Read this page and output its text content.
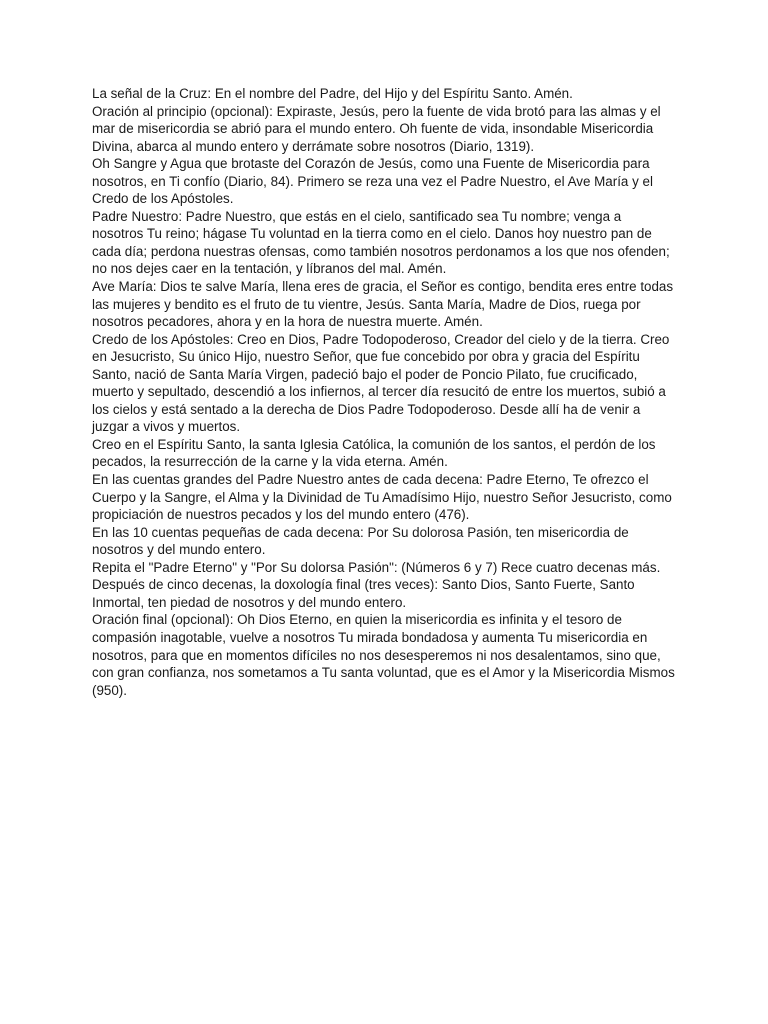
La señal de la Cruz: En el nombre del Padre, del Hijo y del Espíritu Santo. Amén.

Oración al principio (opcional): Expiraste, Jesús, pero la fuente de vida brotó para las almas y el mar de misericordia se abrió para el mundo entero. Oh fuente de vida, insondable Misericordia Divina, abarca al mundo entero y derrámate sobre nosotros (Diario, 1319).

Oh Sangre y Agua que brotaste del Corazón de Jesús, como una Fuente de Misericordia para nosotros, en Ti confío (Diario, 84). Primero se reza una vez el Padre Nuestro, el Ave María y el Credo de los Apóstoles.

Padre Nuestro: Padre Nuestro, que estás en el cielo, santificado sea Tu nombre; venga a nosotros Tu reino; hágase Tu voluntad en la tierra como en el cielo. Danos hoy nuestro pan de cada día; perdona nuestras ofensas, como también nosotros perdonamos a los que nos ofenden; no nos dejes caer en la tentación, y líbranos del mal. Amén.

Ave María: Dios te salve María, llena eres de gracia, el Señor es contigo, bendita eres entre todas las mujeres y bendito es el fruto de tu vientre, Jesús. Santa María, Madre de Dios, ruega por nosotros pecadores, ahora y en la hora de nuestra muerte. Amén.

Credo de los Apóstoles: Creo en Dios, Padre Todopoderoso, Creador del cielo y de la tierra. Creo en Jesucristo, Su único Hijo, nuestro Señor, que fue concebido por obra y gracia del Espíritu Santo, nació de Santa María Virgen, padeció bajo el poder de Poncio Pilato, fue crucificado, muerto y sepultado, descendió a los infiernos, al tercer día resucitó de entre los muertos, subió a los cielos y está sentado a la derecha de Dios Padre Todopoderoso. Desde allí ha de venir a juzgar a vivos y muertos.

Creo en el Espíritu Santo, la santa Iglesia Católica, la comunión de los santos, el perdón de los pecados, la resurrección de la carne y la vida eterna. Amén.

En las cuentas grandes del Padre Nuestro antes de cada decena: Padre Eterno, Te ofrezco el Cuerpo y la Sangre, el Alma y la Divinidad de Tu Amadísimo Hijo, nuestro Señor Jesucristo, como propiciación de nuestros pecados y los del mundo entero (476).

En las 10 cuentas pequeñas de cada decena: Por Su dolorosa Pasión, ten misericordia de nosotros y del mundo entero.

Repita el "Padre Eterno" y "Por Su dolorsa Pasión": (Números 6 y 7) Rece cuatro decenas más.

Después de cinco decenas, la doxología final (tres veces): Santo Dios, Santo Fuerte, Santo Inmortal, ten piedad de nosotros y del mundo entero.

Oración final (opcional): Oh Dios Eterno, en quien la misericordia es infinita y el tesoro de compasión inagotable, vuelve a nosotros Tu mirada bondadosa y aumenta Tu misericordia en nosotros, para que en momentos difíciles no nos desesperemos ni nos desalentamos, sino que, con gran confianza, nos sometamos a Tu santa voluntad, que es el Amor y la Misericordia Mismos (950).
